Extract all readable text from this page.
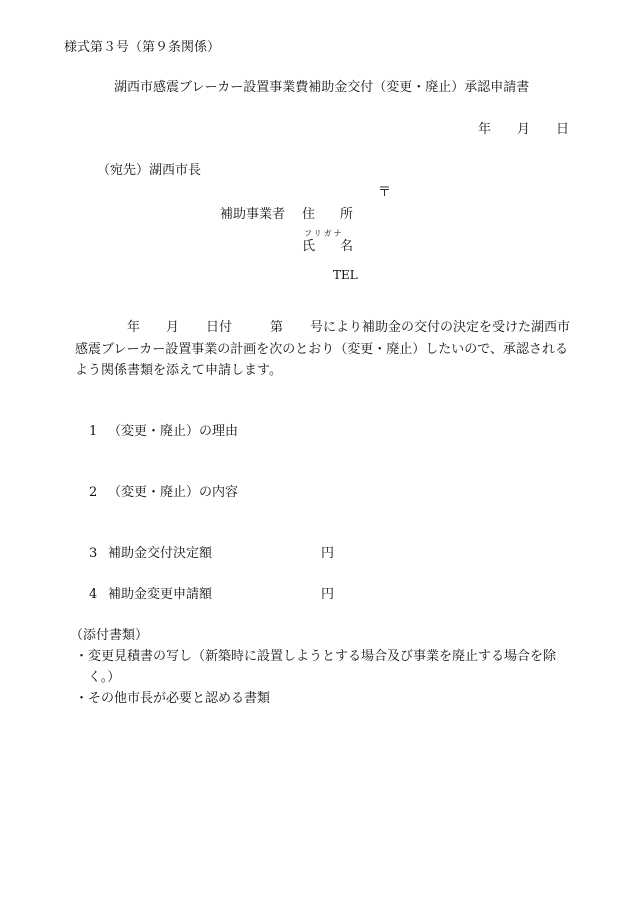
様式第３号（第９条関係）
湖西市感震ブレーカー設置事業費補助金交付（変更・廃止）承認申請書
年 月 日
（宛先）湖西市長
〒
補助事業者 住 所
フリガナ
氏 名
TEL
年 月 日付	第 号により補助金の交付の決定を受けた湖西市
感震ブレーカー設置事業の計画を次のとおり（変更・廃止）したいので、承認される
よう関係書類を添えて申請します。
1 （変更・廃止）の理由
2 （変更・廃止）の内容
3 補助金交付決定額	円
4 補助金変更申請額	円
（添付書類）
・変更見積書の写し（新築時に設置しようとする場合及び事業を廃止する場合を除
く。）
・その他市長が必要と認める書類
